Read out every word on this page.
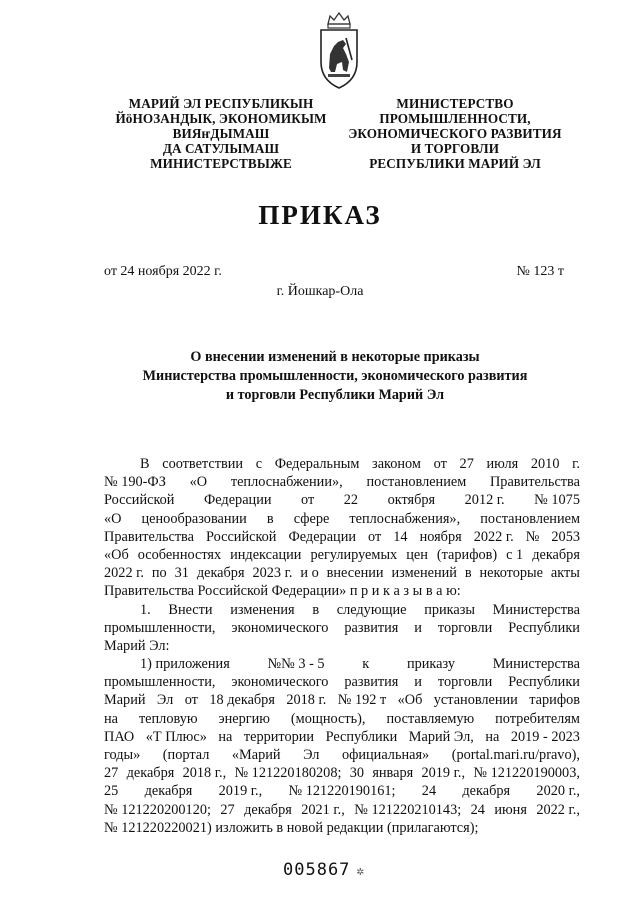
МАРИЙ ЭЛ РЕСПУБЛИКЫН
ЙӧНОЗАНДЫК, ЭКОНОМИКЫМ
ВИЯҥДЫМАШ
ДА САТУЛЫМАШ
МИНИСТЕРСТВЫЖЕ
МИНИСТЕРСТВО
ПРОМЫШЛЕННОСТИ,
ЭКОНОМИЧЕСКОГО РАЗВИТИЯ
И ТОРГОВЛИ
РЕСПУБЛИКИ МАРИЙ ЭЛ
ПРИКАЗ
от 24 ноября 2022 г.	№ 123 т
г. Йошкар-Ола
О внесении изменений в некоторые приказы
Министерства промышленности, экономического развития
и торговли Республики Марий Эл
В соответствии с Федеральным законом от 27 июля 2010 г.
№ 190-ФЗ «О теплоснабжении», постановлением Правительства
Российской Федерации от 22 октября 2012 г. № 1075
«О ценообразовании в сфере теплоснабжения», постановлением
Правительства Российской Федерации от 14 ноября 2022 г. № 2053
«Об особенностях индексации регулируемых цен (тарифов) с 1 декабря
2022 г. по 31 декабря 2023 г. и о внесении изменений в некоторые акты
Правительства Российской Федерации» п р и к а з ы в а ю:
1. Внести изменения в следующие приказы Министерства
промышленности, экономического развития и торговли Республики
Марий Эл:
1) приложения	№№ 3 - 5	к	приказу	Министерства
промышленности, экономического развития и торговли Республики
Марий Эл от 18 декабря 2018 г. № 192 т «Об установлении тарифов
на тепловую энергию (мощность), поставляемую потребителям
ПАО «Т Плюс» на территории Республики Марий Эл, на 2019 - 2023
годы» (портал «Марий Эл официальная» (portal.mari.ru/pravo),
27 декабря 2018 г., № 121220180208; 30 января 2019 г., № 121220190003,
25 декабря 2019 г., № 121220190161; 24 декабря 2020 г.,
№ 121220200120; 27 декабря 2021 г., № 121220210143; 24 июня 2022 г.,
№ 121220220021) изложить в новой редакции (прилагаются);
005867 ✲
